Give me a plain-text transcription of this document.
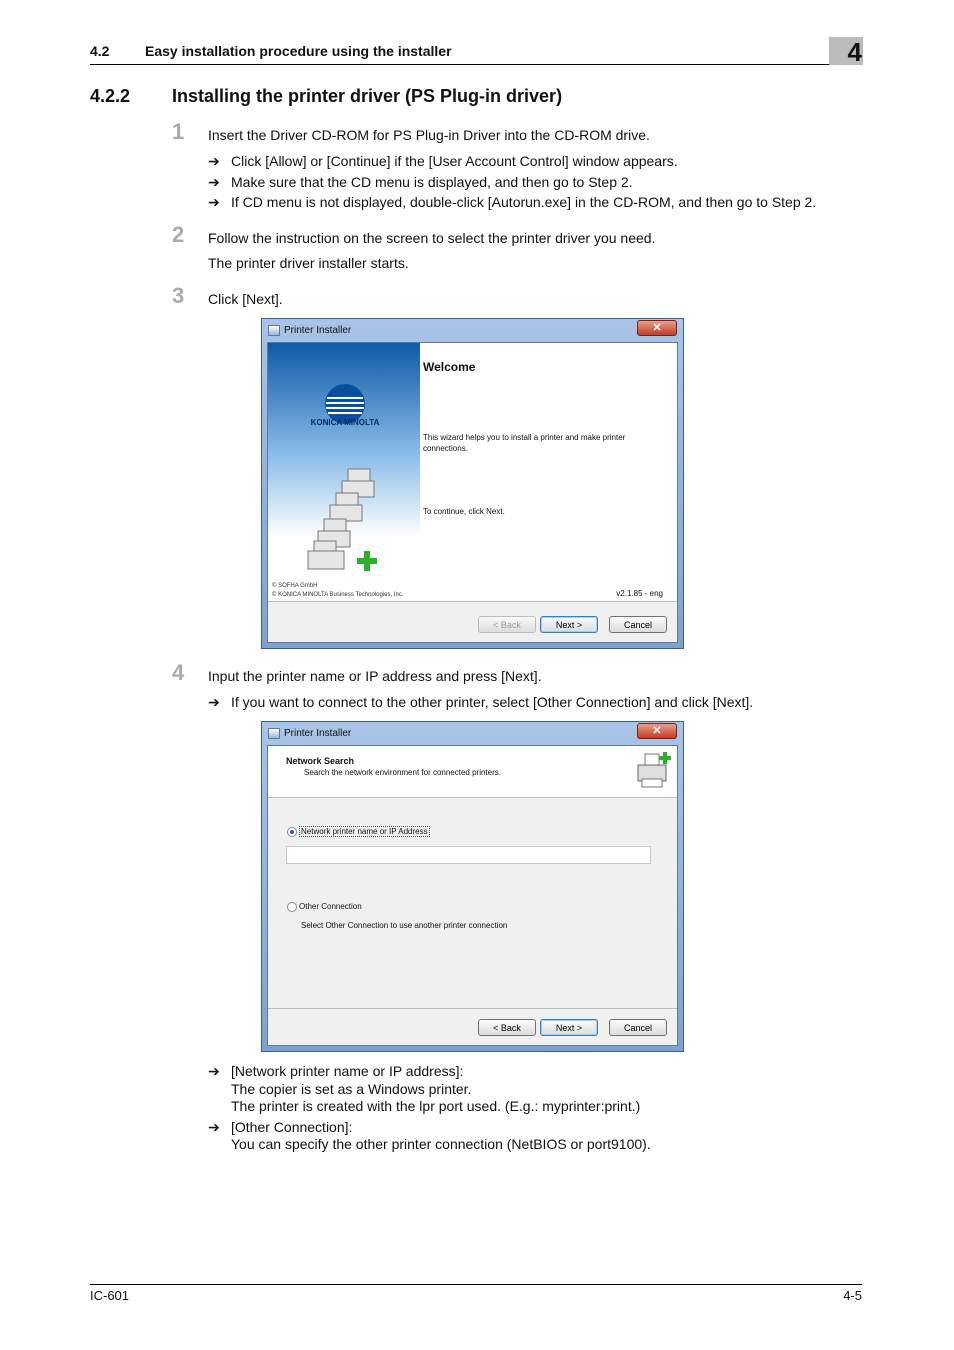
4.2	Easy installation procedure using the installer	4
4.2.2 Installing the printer driver (PS Plug-in driver)
1 Insert the Driver CD-ROM for PS Plug-in Driver into the CD-ROM drive.
➔ Click [Allow] or [Continue] if the [User Account Control] window appears.
➔ Make sure that the CD menu is displayed, and then go to Step 2.
➔ If CD menu is not displayed, double-click [Autorun.exe] in the CD-ROM, and then go to Step 2.
2 Follow the instruction on the screen to select the printer driver you need.
The printer driver installer starts.
3 Click [Next].
Printer Installer	✕
KONICA MINOLTA
© SOFHA GmbH
© KONICA MINOLTA Business Technologies, Inc.
Welcome
This wizard helps you to install a printer and make printer
connections.
To continue, click Next.
v2.1.85 - eng
< Back	Next >	Cancel
4 Input the printer name or IP address and press [Next].
➔ If you want to connect to the other printer, select [Other Connection] and click [Next].
Printer Installer	✕
Network Search
Search the network environment for connected printers.
Network printer name or IP Address
Other Connection
Select Other Connection to use another printer connection
< Back	Next >	Cancel
➔ [Network printer name or IP address]:
The copier is set as a Windows printer.
The printer is created with the lpr port used. (E.g.: myprinter:print.)
➔ [Other Connection]:
You can specify the other printer connection (NetBIOS or port9100).
IC-601	4-5
